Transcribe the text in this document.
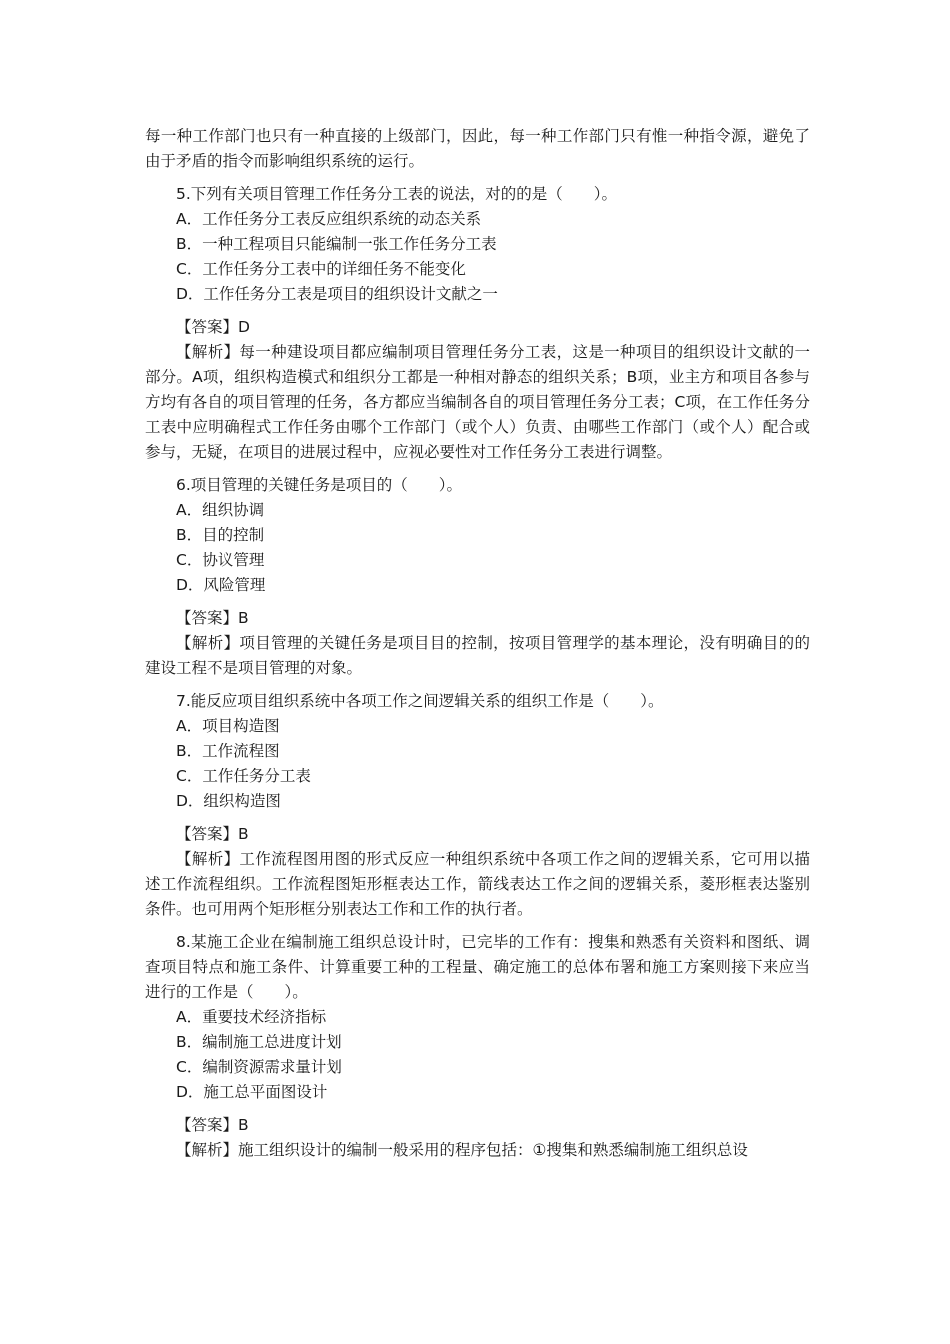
每一种工作部门也只有一种直接的上级部门，因此，每一种工作部门只有惟一种指令源，避免了由于矛盾的指令而影响组织系统的运行。

5.下列有关项目管理工作任务分工表的说法，对的的是（　　）。

A．工作任务分工表反应组织系统的动态关系

B．一种工程项目只能编制一张工作任务分工表

C．工作任务分工表中的详细任务不能变化

D．工作任务分工表是项目的组织设计文献之一

【答案】D

【解析】每一种建设项目都应编制项目管理任务分工表，这是一种项目的组织设计文献的一部分。A项，组织构造模式和组织分工都是一种相对静态的组织关系；B项，业主方和项目各参与方均有各自的项目管理的任务，各方都应当编制各自的项目管理任务分工表；C项，在工作任务分工表中应明确程式工作任务由哪个工作部门（或个人）负责、由哪些工作部门（或个人）配合或参与，无疑，在项目的进展过程中，应视必要性对工作任务分工表进行调整。

6.项目管理的关键任务是项目的（　　）。

A．组织协调

B．目的控制

C．协议管理

D．风险管理

【答案】B

【解析】项目管理的关键任务是项目目的控制，按项目管理学的基本理论，没有明确目的的建设工程不是项目管理的对象。

7.能反应项目组织系统中各项工作之间逻辑关系的组织工作是（　　）。

A．项目构造图

B．工作流程图

C．工作任务分工表

D．组织构造图

【答案】B

【解析】工作流程图用图的形式反应一种组织系统中各项工作之间的逻辑关系，它可用以描述工作流程组织。工作流程图矩形框表达工作，箭线表达工作之间的逻辑关系，菱形框表达鉴别条件。也可用两个矩形框分别表达工作和工作的执行者。

8.某施工企业在编制施工组织总设计时，已完毕的工作有：搜集和熟悉有关资料和图纸、调查项目特点和施工条件、计算重要工种的工程量、确定施工的总体布署和施工方案则接下来应当进行的工作是（　　）。

A．重要技术经济指标

B．编制施工总进度计划

C．编制资源需求量计划

D．施工总平面图设计

【答案】B

【解析】施工组织设计的编制一般采用的程序包括：①搜集和熟悉编制施工组织总设
